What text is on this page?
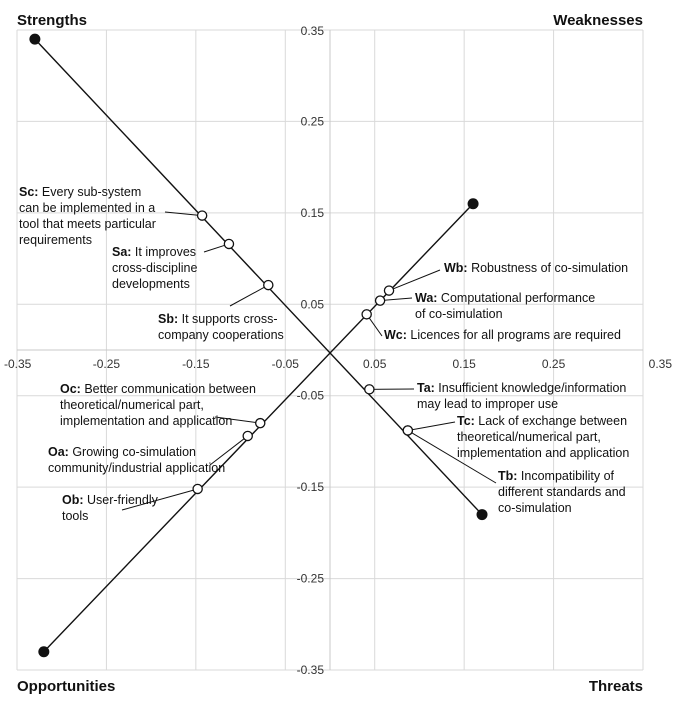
-0.35	-0.25	-0.15	-0.05	0.05	0.15	0.25	0.35
0.35
0.25
0.15
0.05
-0.05
-0.15
-0.25
-0.35
Sc: Every sub-system can be implemented in a tool that meets particular requirements
Sa: It improves cross-discipline developments
Sb: It supports cross-company cooperations
Wb: Robustness of co-simulation
Wa: Computational performance of co-simulation
Wc: Licences for all programs are required
Ta: Insufficient knowledge/information may lead to improper use
Tc: Lack of exchange between theoretical/numerical part, implementation and application
Tb: Incompatibility of different standards and co-simulation
Oc: Better communication between theoretical/numerical part, implementation and application
Oa: Growing co-simulation community/industrial application
Ob: User-friendly tools
Strengths	Weaknesses
Opportunities	Threats
